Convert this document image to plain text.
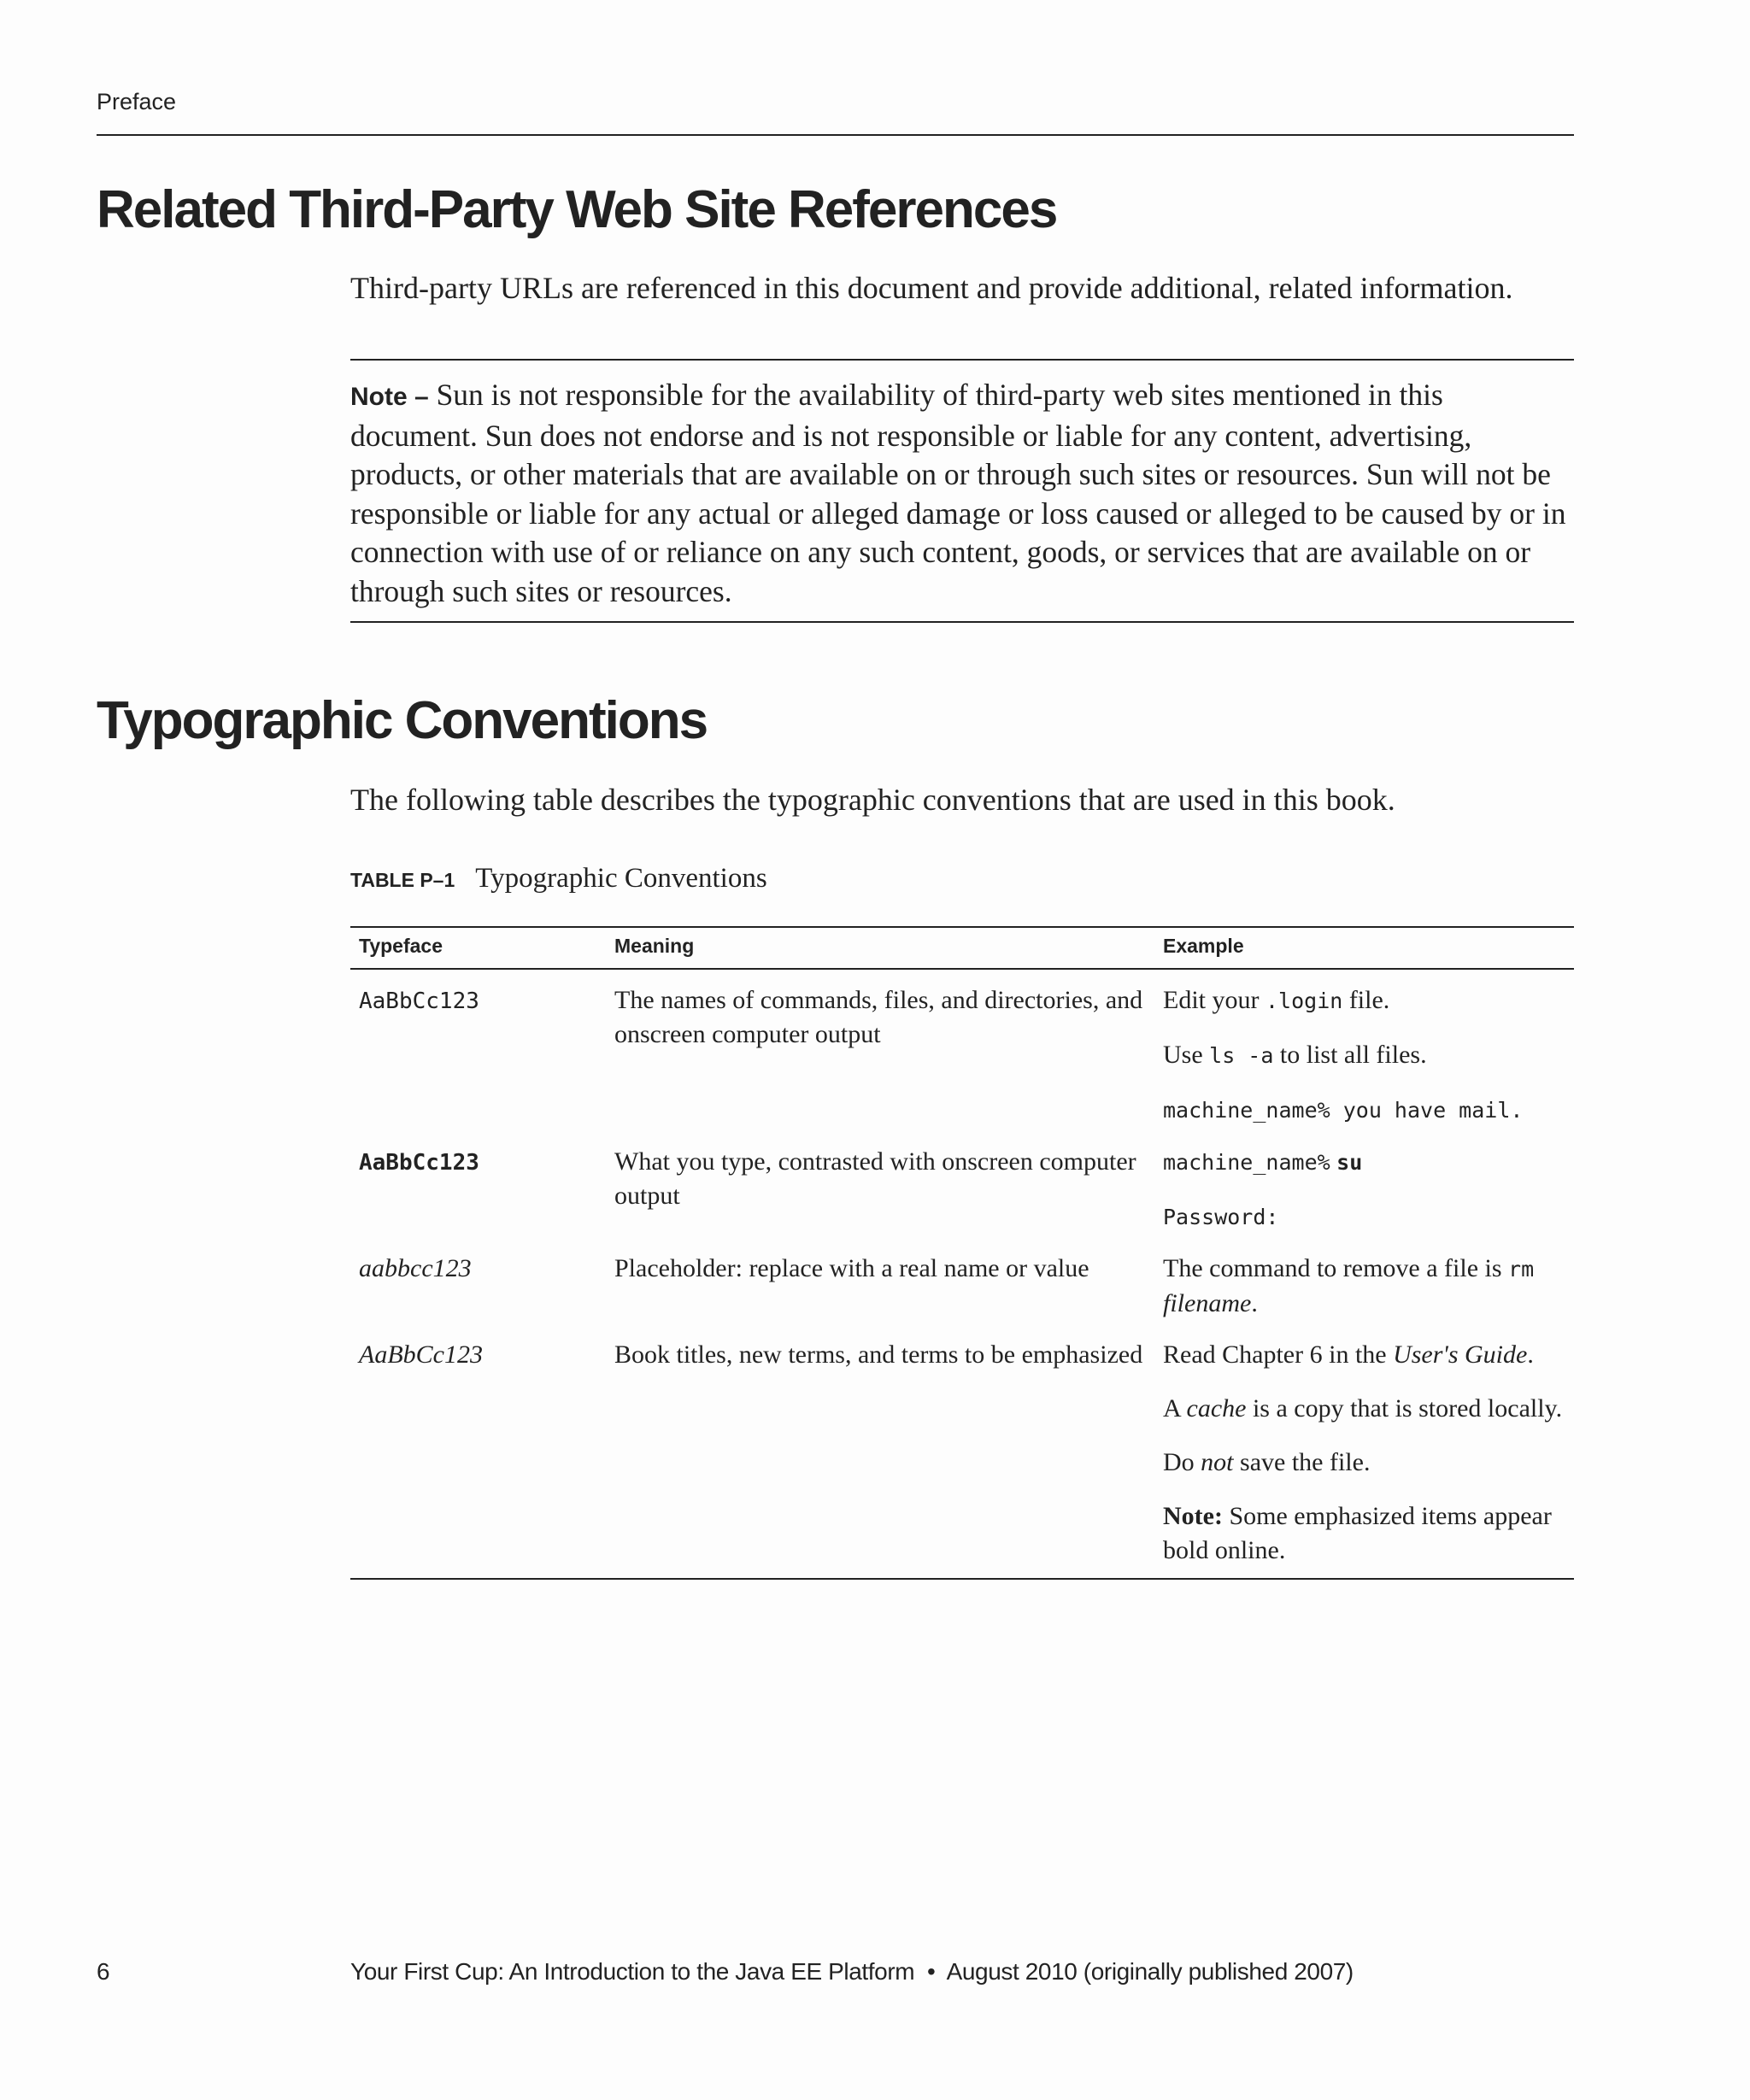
Preface
Related Third-Party Web Site References

Third-party URLs are referenced in this document and provide additional, related information.

Note – Sun is not responsible for the availability of third-party web sites mentioned in this document. Sun does not endorse and is not responsible or liable for any content, advertising, products, or other materials that are available on or through such sites or resources. Sun will not be responsible or liable for any actual or alleged damage or loss caused or alleged to be caused by or in connection with use of or reliance on any such content, goods, or services that are available on or through such sites or resources.

Typographic Conventions

The following table describes the typographic conventions that are used in this book.

TABLE P–1 Typographic Conventions

Typeface	Meaning	Example
AaBbCc123	The names of commands, files, and directories, and onscreen computer output	Edit your .login file.
Use ls -a to list all files.
machine_name% you have mail.

AaBbCc123	What you type, contrasted with onscreen computer output	machine_name% su
Password:

aabbcc123	Placeholder: replace with a real name or value	The command to remove a file is rm filename.

AaBbCc123	Book titles, new terms, and terms to be emphasized	Read Chapter 6 in the User's Guide.
A cache is a copy that is stored locally.
Do not save the file.
Note: Some emphasized items appear bold online.
6	Your First Cup: An Introduction to the Java EE Platform  •  August 2010 (originally published 2007)
